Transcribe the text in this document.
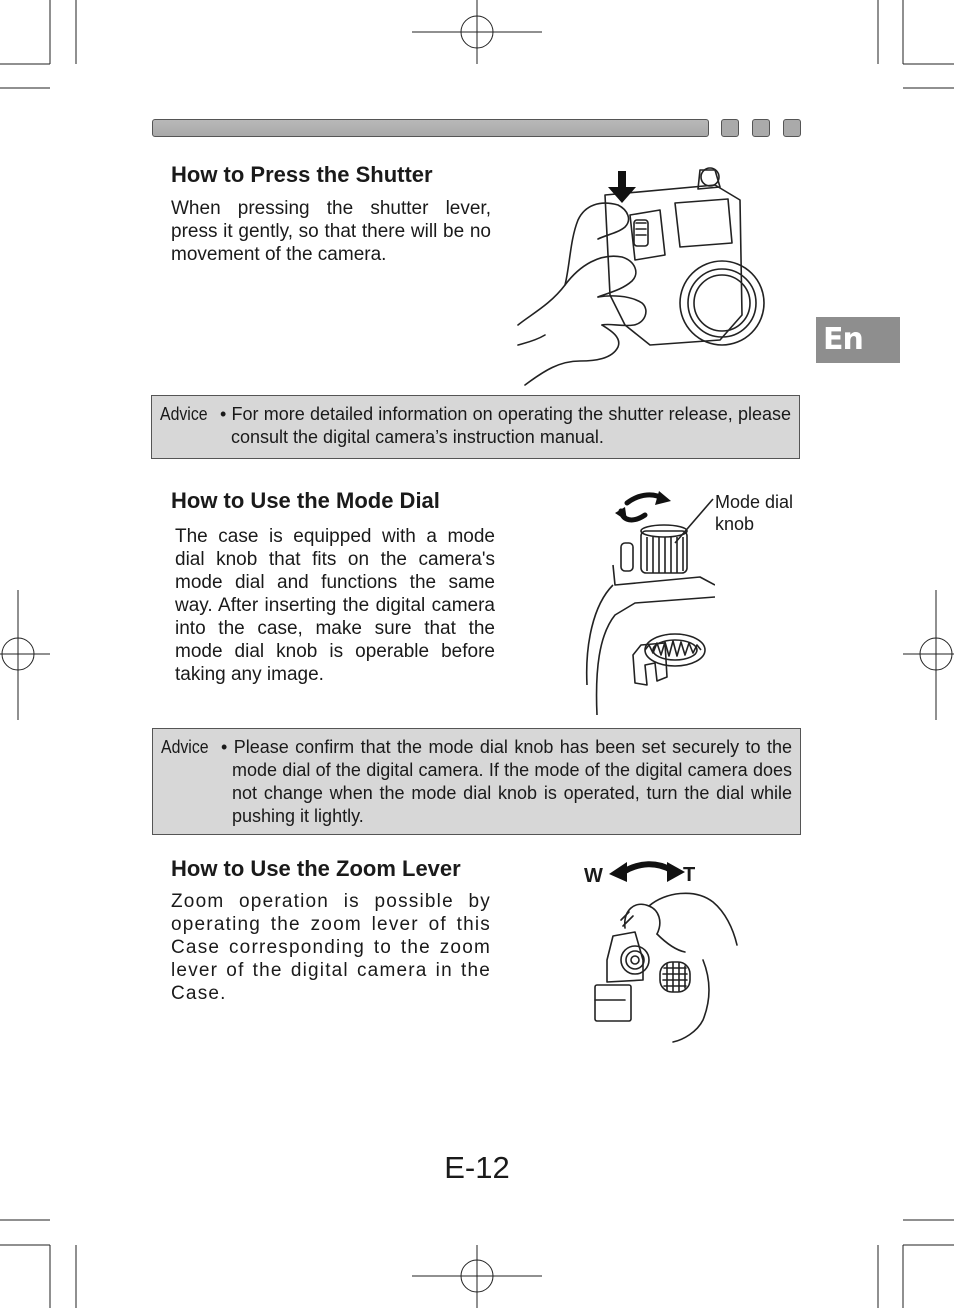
En
How to Press the Shutter

When pressing the shutter lever, press it gently, so that there will be no movement of the camera.

Advice • For more detailed information on operating the shutter release, please consult the digital camera’s instruction manual.
How to Use the Mode Dial

The case is equipped with a mode dial knob that fits on the camera's mode dial and functions the same way. After inserting the digital camera into the case, make sure that the mode dial knob is operable before taking any image.

Mode dial
knob
Advice • Please confirm that the mode dial knob has been set securely to the mode dial of the digital camera. If the mode of the digital camera does not change when the mode dial knob is operated, turn the dial while pushing it lightly.
How to Use the Zoom Lever

Zoom operation is possible by operating the zoom lever of this Case corresponding to the zoom lever of the digital camera in the Case.

W	T
E-12
